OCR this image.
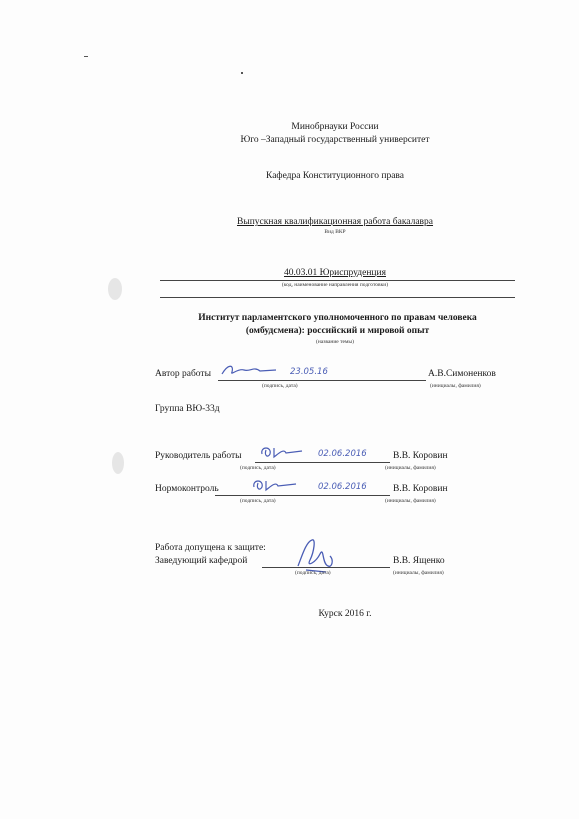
Минобрнауки России
Юго –Западный государственный университет
Кафедра Конституционного права
Выпускная квалификационная работа бакалавра
Вид ВКР
40.03.01 Юриспруденция
(код, наименование направления подготовки)
Институт парламентского уполномоченного по правам человека
(омбудсмена): российский и мировой опыт
(название темы)
Автор работы	23.05.16	А.В.Симоненков
(подпись, дата)	(инициалы, фамилия)
Группа ВЮ-33д
Руководитель работы	02.06.2016	В.В. Коровин
(подпись, дата)	(инициалы, фамилия)
Нормоконтроль	02.06.2016	В.В. Коровин
(подпись, дата)	(инициалы, фамилия)
Работа допущена к защите:
Заведующий кафедрой	В.В. Ященко
(подпись, дата)	(инициалы, фамилия)
Курск 2016 г.
